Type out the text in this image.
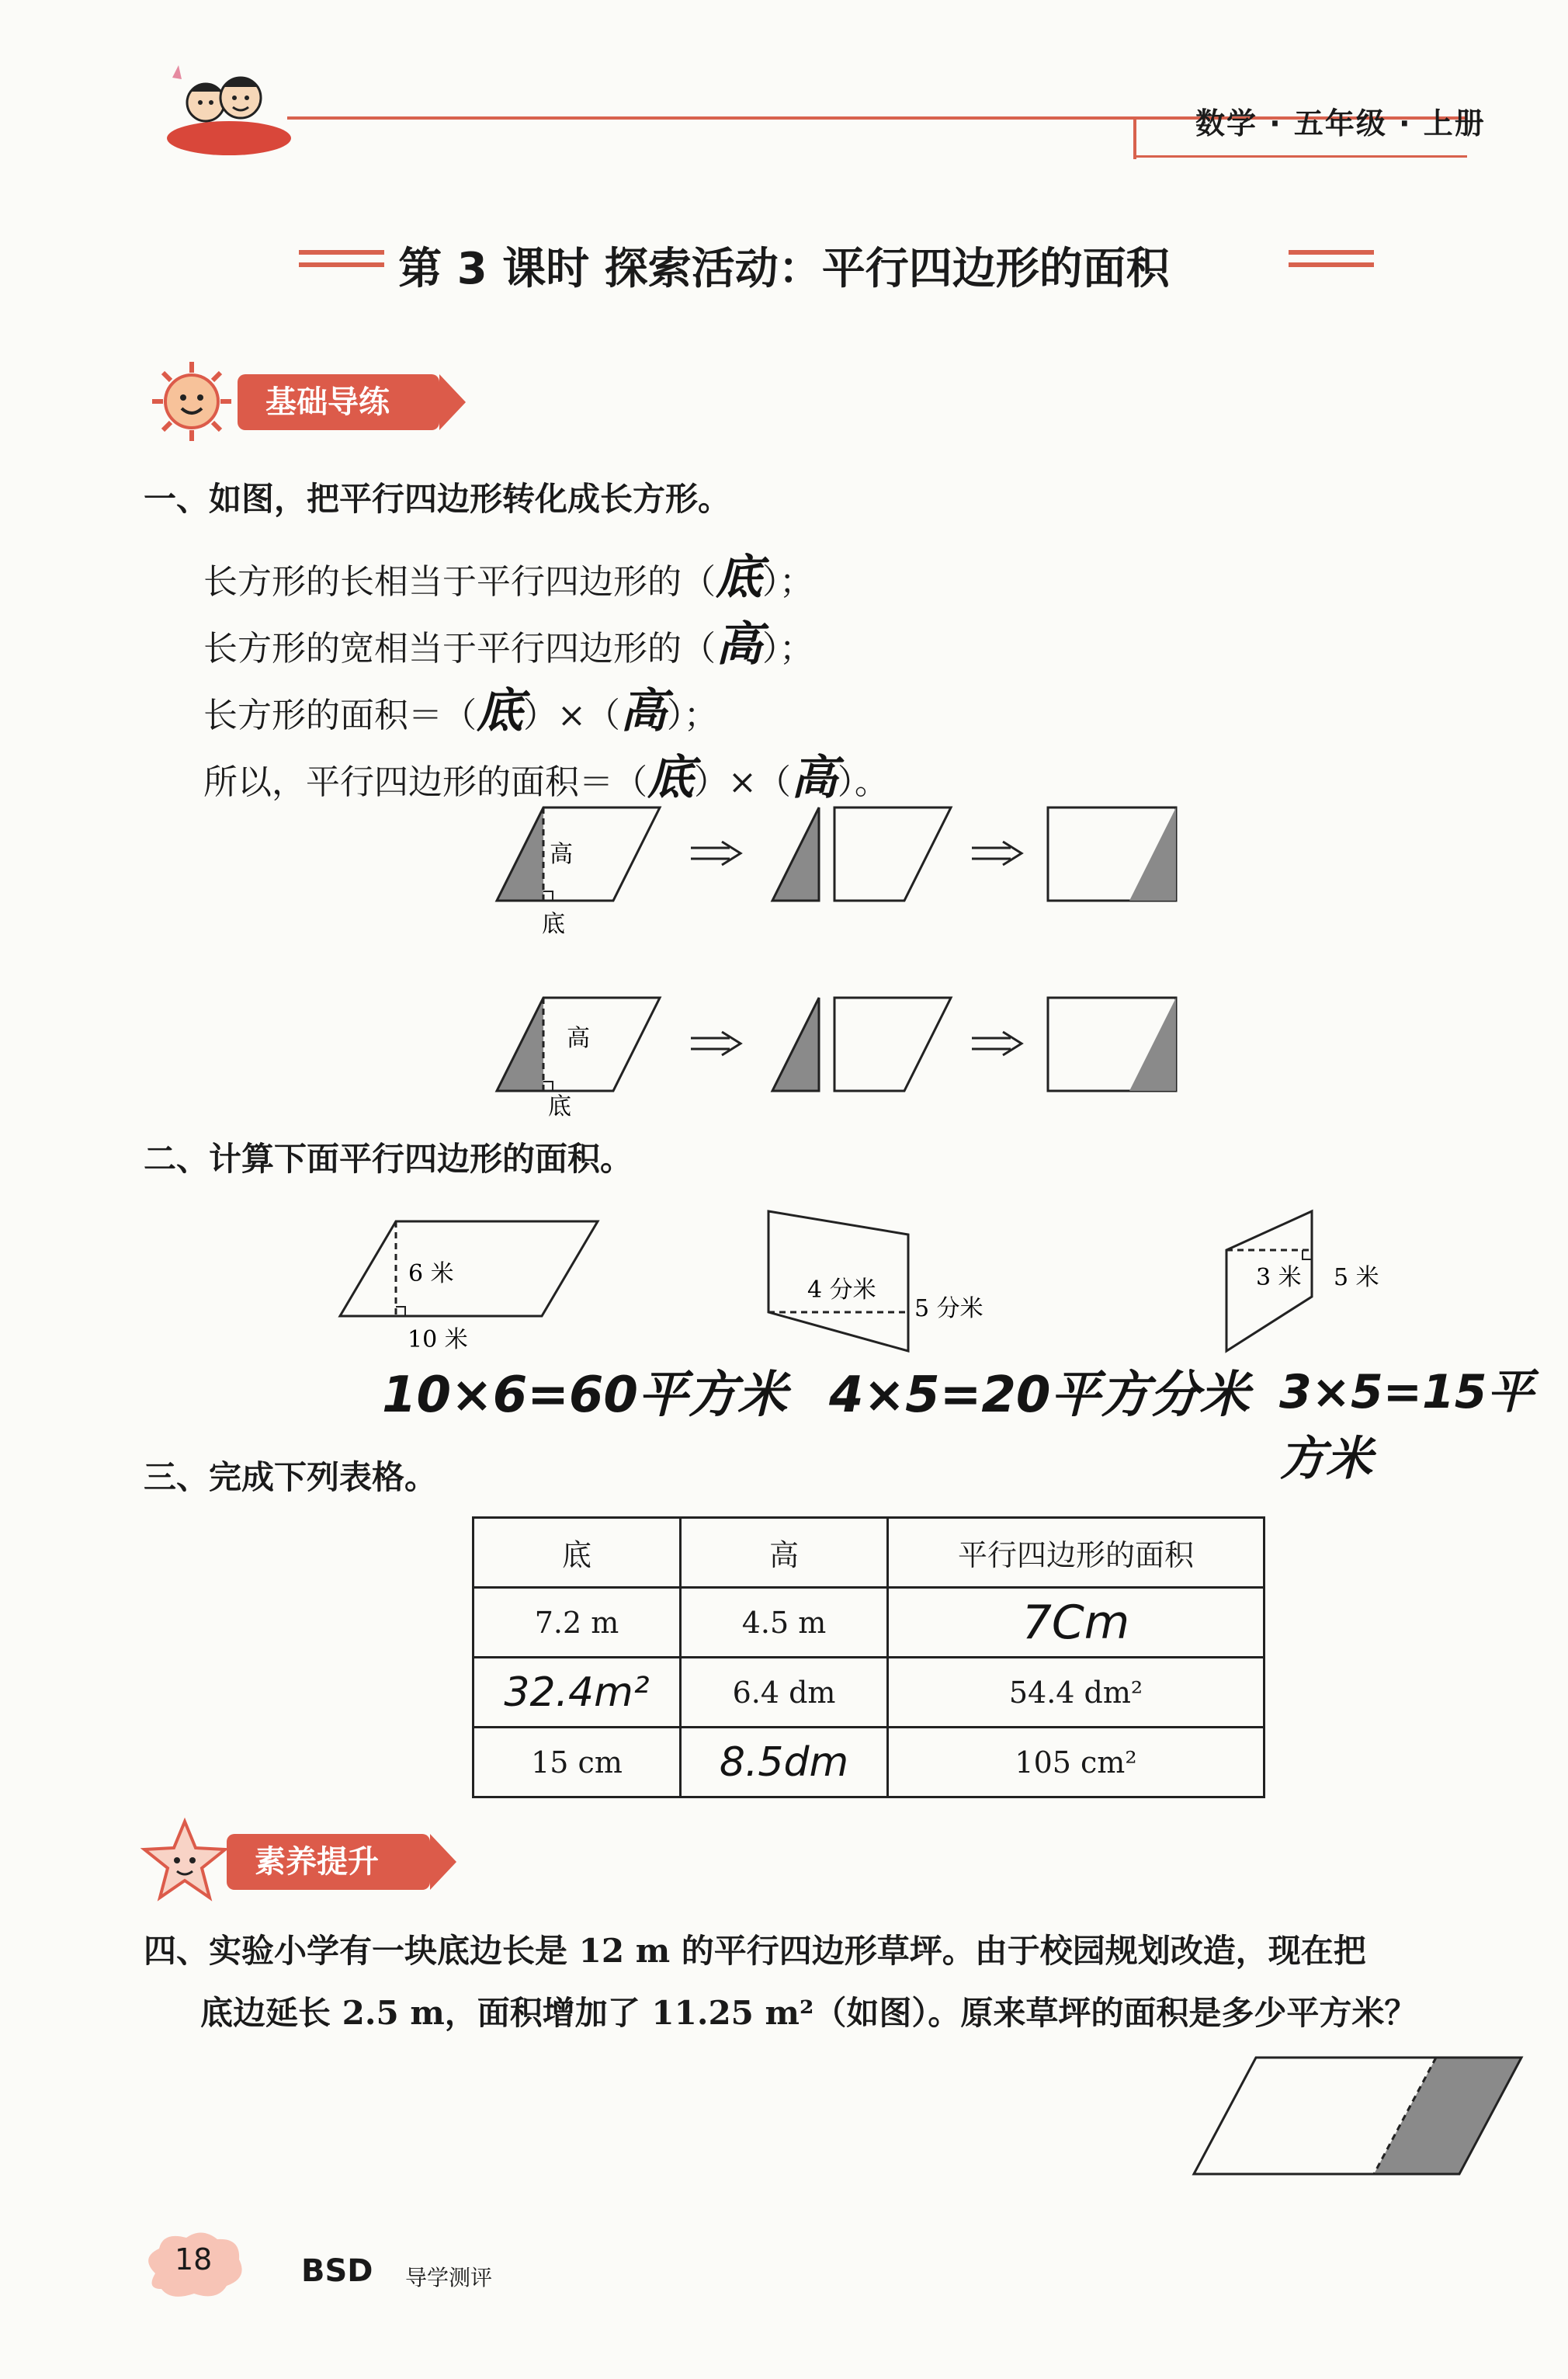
数学 · 五年级 · 上册
第 3 课时 探索活动：平行四边形的面积
基础导练
一、如图，把平行四边形转化成长方形。
长方形的长相当于平行四边形的（底）；
长方形的宽相当于平行四边形的（高）；
长方形的面积＝（底）×（高）；
所以，平行四边形的面积＝（底）×（高）。
高
底
高
底
二、计算下面平行四边形的面积。
6 米
10 米
4 分米
5 分米
3 米 5 米
10×6=60平方米 4×5=20平方分米 3×5=15平方米
三、完成下列表格。
底	高	平行四边形的面积
7.2 m	4.5 m	7Cm
32.4m²	6.4 dm	54.4 dm²
15 cm	8.5dm	105 cm²
素养提升
四、实验小学有一块底边长是 12 m 的平行四边形草坪。由于校园规划改造，现在把
底边延长 2.5 m，面积增加了 11.25 m²（如图）。原来草坪的面积是多少平方米？
18	BSD 导学测评
